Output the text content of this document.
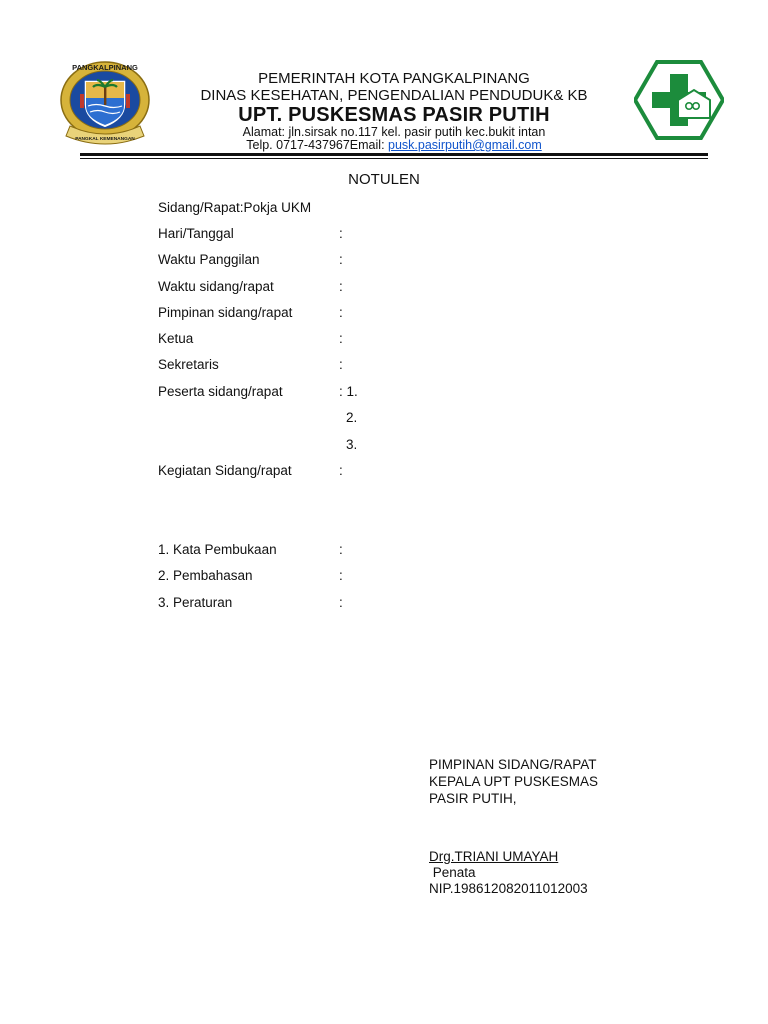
PANGKALPINANG
PANGKAL KEMENANGAN
PEMERINTAH KOTA PANGKALPINANG
DINAS KESEHATAN, PENGENDALIAN PENDUDUK& KB
UPT. PUSKESMAS PASIR PUTIH
Alamat: jln.sirsak no.117 kel. pasir putih kec.bukit intan
Telp. 0717-437967Email: pusk.pasirputih@gmail.com
NOTULEN
Sidang/Rapat:Pokja UKM
Hari/Tanggal	:
Waktu Panggilan	:
Waktu sidang/rapat	:
Pimpinan sidang/rapat	:
Ketua	:
Sekretaris	:
Peserta sidang/rapat	: 1.
2.
3.
Kegiatan Sidang/rapat	:
1. Kata Pembukaan	:
2. Pembahasan	:
3. Peraturan	:
PIMPINAN SIDANG/RAPAT
KEPALA UPT PUSKESMAS
PASIR PUTIH,
Drg.TRIANI UMAYAH
Penata
NIP.198612082011012003
